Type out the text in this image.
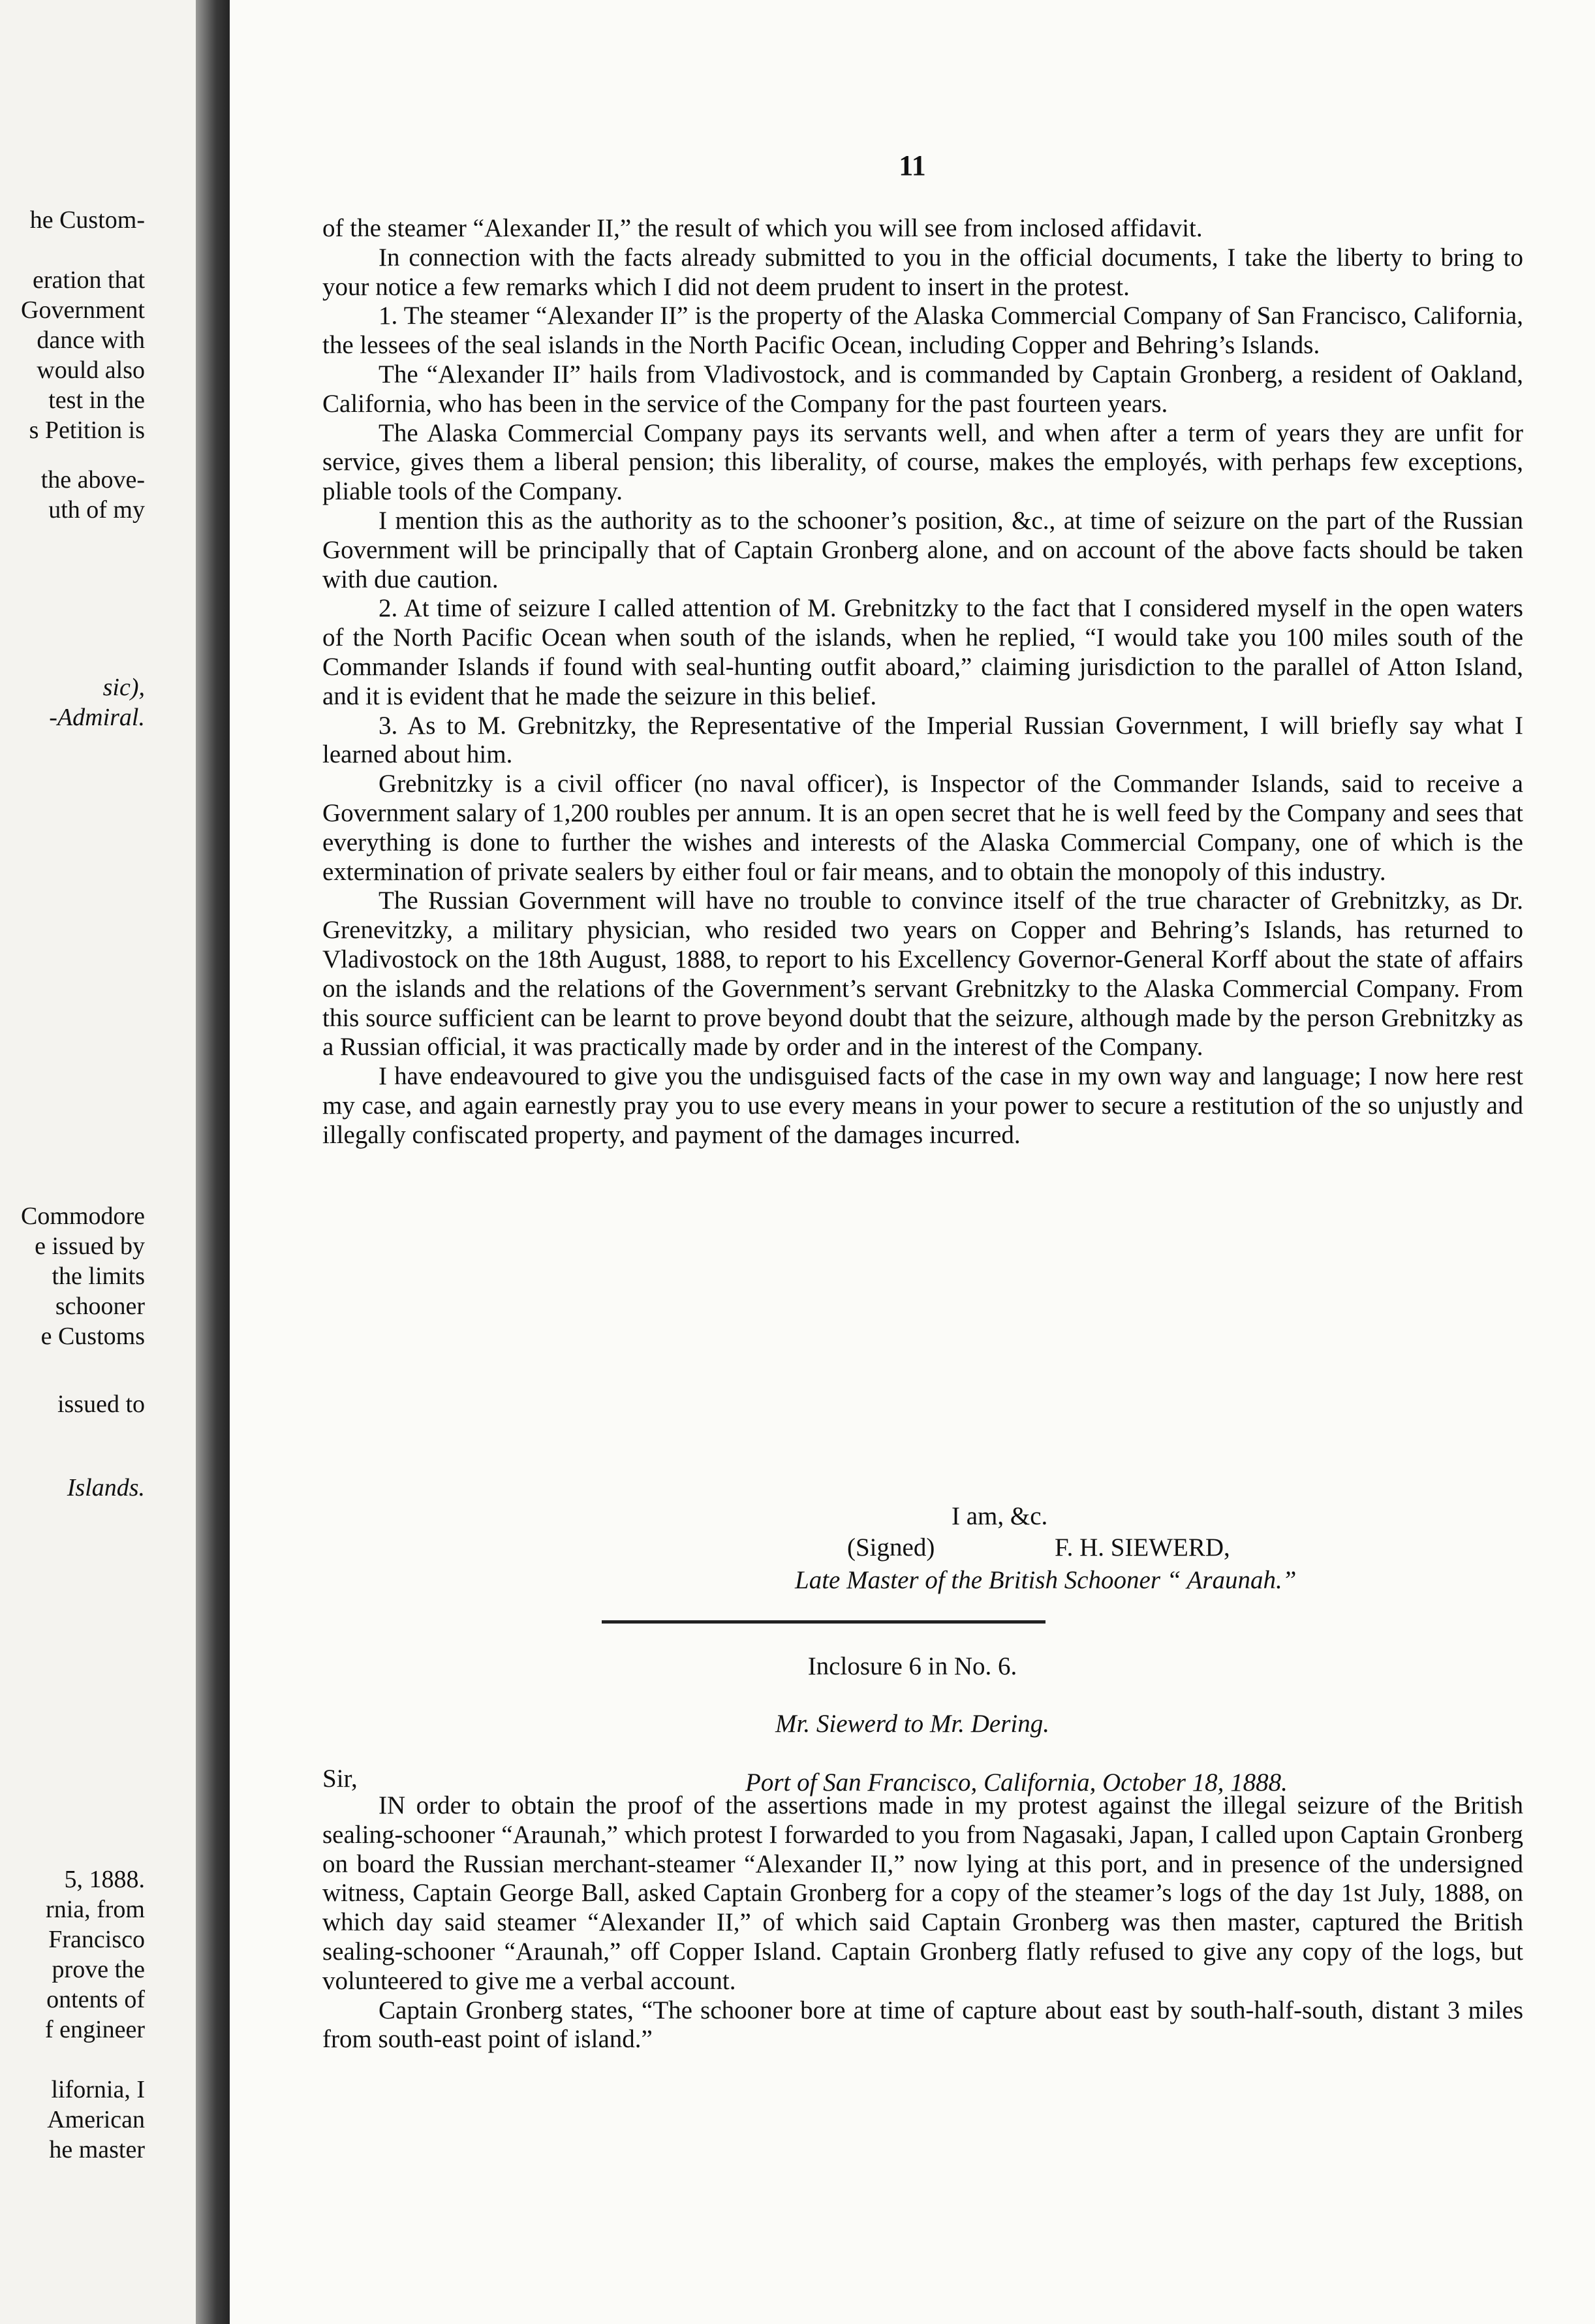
he Custom-
eration that
Government
dance with
would also
test in the
s Petition is
the above-
uth of my
sic),
-Admiral.
Commodore
e issued by
the limits
schooner
e Customs
issued to
Islands.
5, 1888.
rnia, from
Francisco
prove the
ontents of
f engineer
lifornia, I
American
he master
11

of the steamer “Alexander II,” the result of which you will see from inclosed affidavit.

In connection with the facts already submitted to you in the official documents, I take the liberty to bring to your notice a few remarks which I did not deem prudent to insert in the protest.

1. The steamer “Alexander II” is the property of the Alaska Commercial Company of San Francisco, California, the lessees of the seal islands in the North Pacific Ocean, including Copper and Behring’s Islands.

The “Alexander II” hails from Vladivostock, and is commanded by Captain Gronberg, a resident of Oakland, California, who has been in the service of the Company for the past fourteen years.

The Alaska Commercial Company pays its servants well, and when after a term of years they are unfit for service, gives them a liberal pension; this liberality, of course, makes the employés, with perhaps few exceptions, pliable tools of the Company.

I mention this as the authority as to the schooner’s position, &c., at time of seizure on the part of the Russian Government will be principally that of Captain Gronberg alone, and on account of the above facts should be taken with due caution.

2. At time of seizure I called attention of M. Grebnitzky to the fact that I considered myself in the open waters of the North Pacific Ocean when south of the islands, when he replied, “I would take you 100 miles south of the Commander Islands if found with seal-hunting outfit aboard,” claiming jurisdiction to the parallel of Atton Island, and it is evident that he made the seizure in this belief.

3. As to M. Grebnitzky, the Representative of the Imperial Russian Government, I will briefly say what I learned about him.

Grebnitzky is a civil officer (no naval officer), is Inspector of the Commander Islands, said to receive a Government salary of 1,200 roubles per annum. It is an open secret that he is well feed by the Company and sees that everything is done to further the wishes and interests of the Alaska Commercial Company, one of which is the extermination of private sealers by either foul or fair means, and to obtain the monopoly of this industry.

The Russian Government will have no trouble to convince itself of the true character of Grebnitzky, as Dr. Grenevitzky, a military physician, who resided two years on Copper and Behring’s Islands, has returned to Vladivostock on the 18th August, 1888, to report to his Excellency Governor-General Korff about the state of affairs on the islands and the relations of the Government’s servant Grebnitzky to the Alaska Commercial Company. From this source sufficient can be learnt to prove beyond doubt that the seizure, although made by the person Grebnitzky as a Russian official, it was practically made by order and in the interest of the Company.

I have endeavoured to give you the undisguised facts of the case in my own way and language; I now here rest my case, and again earnestly pray you to use every means in your power to secure a restitution of the so unjustly and illegally confiscated property, and payment of the damages incurred.

I am, &c.
(Signed)	F. H. SIEWERD,
Late Master of the British Schooner “ Araunah.”
Inclosure 6 in No. 6.
Mr. Siewerd to Mr. Dering.
Sir,	Port of San Francisco, California, October 18, 1888.

IN order to obtain the proof of the assertions made in my protest against the illegal seizure of the British sealing-schooner “Araunah,” which protest I forwarded to you from Nagasaki, Japan, I called upon Captain Gronberg on board the Russian merchant-steamer “Alexander II,” now lying at this port, and in presence of the undersigned witness, Captain George Ball, asked Captain Gronberg for a copy of the steamer’s logs of the day 1st July, 1888, on which day said steamer “Alexander II,” of which said Captain Gronberg was then master, captured the British sealing-schooner “Araunah,” off Copper Island. Captain Gronberg flatly refused to give any copy of the logs, but volunteered to give me a verbal account.

Captain Gronberg states, “The schooner bore at time of capture about east by south-half-south, distant 3 miles from south-east point of island.”
